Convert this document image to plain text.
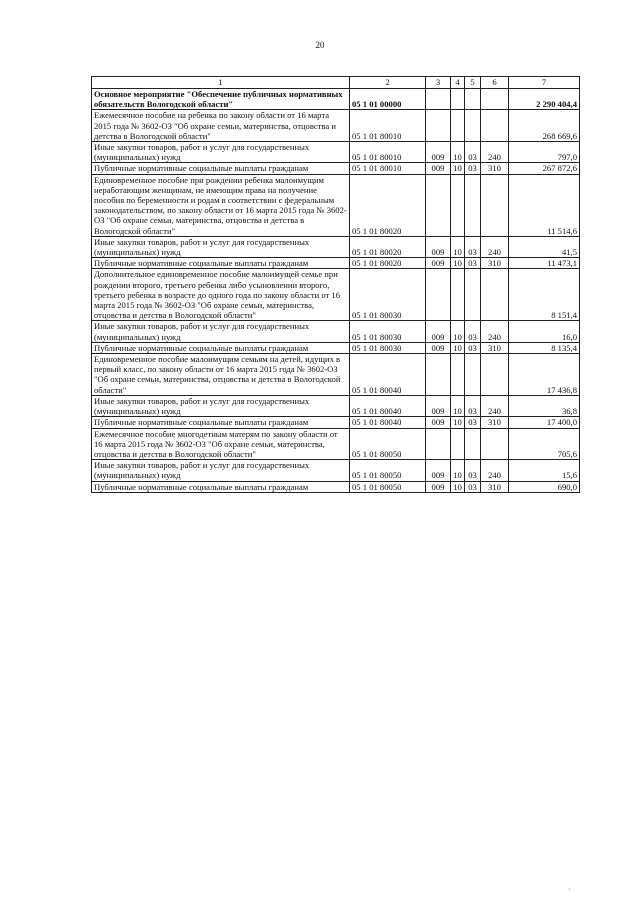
20
1	2	3	4	5	6	7
Основное мероприятие "Обеспечение публичных нормативных обязательств Вологодской области"	05 1 01 00000					2 290 404,4
Ежемесячное пособие на ребенка по закону области от 16 марта 2015 года № 3602-ОЗ "Об охране семьи, материнства, отцовства и детства в Вологодской области"	05 1 01 80010					268 669,6
Иные закупки товаров, работ и услуг для государственных (муниципальных) нужд	05 1 01 80010	009	10	03	240	797,0
Публичные нормативные социальные выплаты гражданам	05 1 01 80010	009	10	03	310	267 872,6
Единовременное пособие при рождении ребенка малоимущим неработающим женщинам, не имеющим права на получение пособия по беременности и родам в соответствии с федеральным законодательством, по закону области от 16 марта 2015 года № 3602-ОЗ "Об охране семьи, материнства, отцовства и детства в Вологодской области"	05 1 01 80020					11 514,6
Иные закупки товаров, работ и услуг для государственных (муниципальных) нужд	05 1 01 80020	009	10	03	240	41,5
Публичные нормативные социальные выплаты гражданам	05 1 01 80020	009	10	03	310	11 473,1
Дополнительное единовременное пособие малоимущей семье при рождении второго, третьего ребенка либо усыновлении второго, третьего ребенка в возрасте до одного года по закону области от 16 марта 2015 года № 3602-ОЗ "Об охране семьи, материнства, отцовства и детства в Вологодской области"	05 1 01 80030					8 151,4
Иные закупки товаров, работ и услуг для государственных (муниципальных) нужд	05 1 01 80030	009	10	03	240	16,0
Публичные нормативные социальные выплаты гражданам	05 1 01 80030	009	10	03	310	8 135,4
Единовременное пособие малоимущим семьям на детей, идущих в первый класс, по закону области от 16 марта 2015 года № 3602-ОЗ "Об охране семьи, материнства, отцовства и детства в Вологодской области"	05 1 01 80040					17 436,8
Иные закупки товаров, работ и услуг для государственных (муниципальных) нужд	05 1 01 80040	009	10	03	240	36,8
Публичные нормативные социальные выплаты гражданам	05 1 01 80040	009	10	03	310	17 400,0
Ежемесячное пособие многодетным матерям по закону области от 16 марта 2015 года № 3602-ОЗ "Об охране семьи, материнства, отцовства и детства в Вологодской области"	05 1 01 80050					705,6
Иные закупки товаров, работ и услуг для государственных (муниципальных) нужд	05 1 01 80050	009	10	03	240	15,6
Публичные нормативные социальные выплаты гражданам	05 1 01 80050	009	10	03	310	690,0
·
